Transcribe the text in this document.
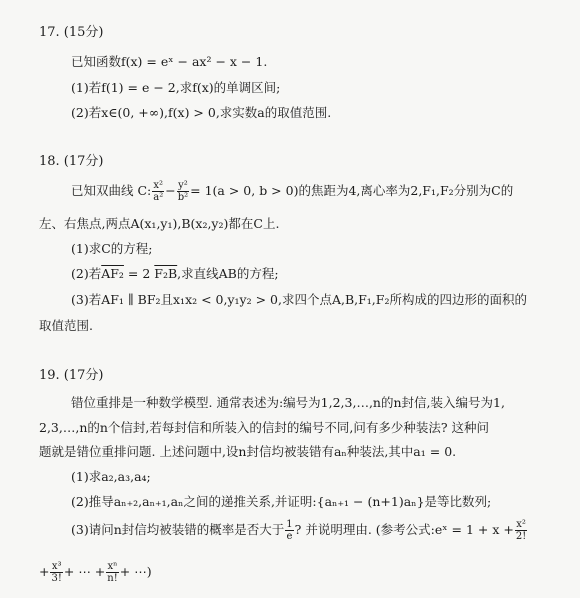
17. (15分)
已知函数f(x) = eˣ − ax² − x − 1.
(1)若f(1) = e − 2,求f(x)的单调区间;
(2)若x∈(0, +∞),f(x) > 0,求实数a的取值范围.
18. (17分)
已知双曲线 C: $\frac{\text{x²}}{\text{a²}} - \frac{\text{y²}}{\text{b²}} = 1(a > 0$, b > 0)的焦距为4,离心率为2,F₁,F₂分别为C的
左、右焦点,两点A(x₁,y₁),B(x₂,y₂)都在C上.
(1)求C的方程;
(2)若AF₂ = 2 F₂B,求直线AB的方程;
(3)若AF₁ ∥ BF₂且x₁x₂ < 0,y₁y₂ > 0,求四个点A,B,F₁,F₂所构成的四边形的面积的
取值范围.
19. (17分)
错位重排是一种数学模型. 通常表述为:编号为1,2,3,…,n的n封信,装入编号为1,
2,3,…,n的n个信封,若每封信和所装入的信封的编号不同,问有多少种装法? 这种问
题就是错位重排问题. 上述问题中,设n封信均被装错有aₙ种装法,其中a₁ = 0.
(1)求a₂,a₃,a₄;
(2)推导aₙ₊₂,aₙ₊₁,aₙ之间的递推关系,并证明:{aₙ₊₁ − (n+1)aₙ}是等比数列;
(3)请问n封信均被装错的概率是否大于 $\frac{1}{e}$ ? 并说明理由. (参考公式:eˣ = $1 + x + \frac{\text{x²}}{2!}$
+ $\frac{\text{x³}}{3!}$ + ⋯ + $\frac{\text{xⁿ}}{n!}$ + ⋯)
